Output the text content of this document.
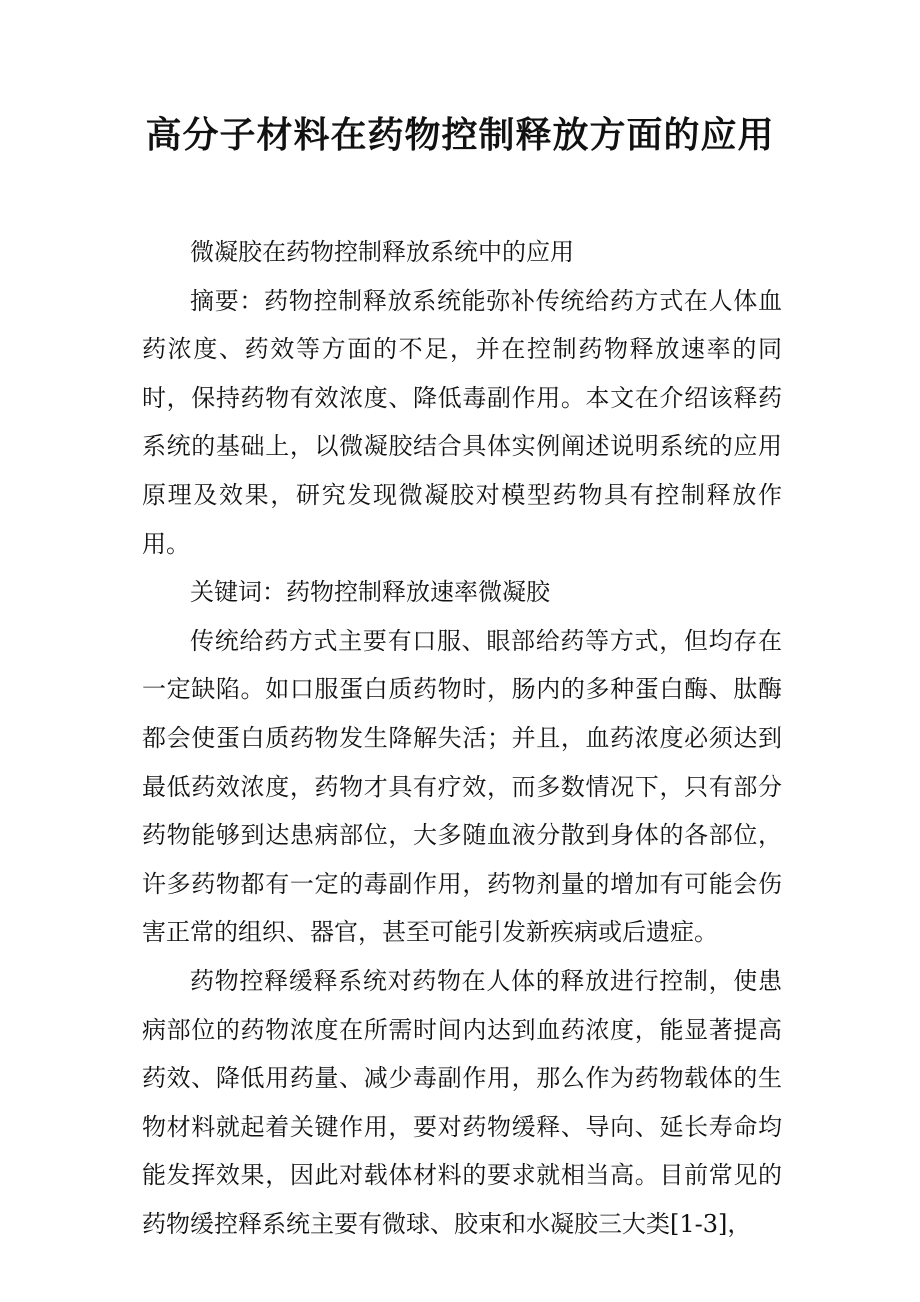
高分子材料在药物控制释放方面的应用

微凝胶在药物控制释放系统中的应用

摘要：药物控制释放系统能弥补传统给药方式在人体血药浓度、药效等方面的不足，并在控制药物释放速率的同时，保持药物有效浓度、降低毒副作用。本文在介绍该释药系统的基础上，以微凝胶结合具体实例阐述说明系统的应用原理及效果，研究发现微凝胶对模型药物具有控制释放作用。

关键词：药物控制释放速率微凝胶

传统给药方式主要有口服、眼部给药等方式，但均存在一定缺陷。如口服蛋白质药物时，肠内的多种蛋白酶、肽酶都会使蛋白质药物发生降解失活；并且，血药浓度必须达到最低药效浓度，药物才具有疗效，而多数情况下，只有部分药物能够到达患病部位，大多随血液分散到身体的各部位，许多药物都有一定的毒副作用，药物剂量的增加有可能会伤害正常的组织、器官，甚至可能引发新疾病或后遗症。

药物控释缓释系统对药物在人体的释放进行控制，使患病部位的药物浓度在所需时间内达到血药浓度，能显著提高药效、降低用药量、减少毒副作用，那么作为药物载体的生物材料就起着关键作用，要对药物缓释、导向、延长寿命均能发挥效果，因此对载体材料的要求就相当高。目前常见的药物缓控释系统主要有微球、胶束和水凝胶三大类[1-3]，
